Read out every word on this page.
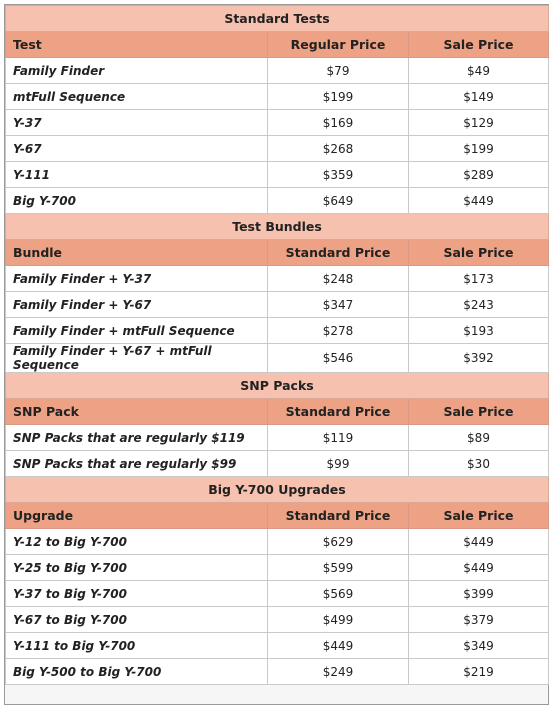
Standard Tests		
Test	Regular Price	Sale Price
Family Finder	$79	$49
mtFull Sequence	$199	$149
Y-37	$169	$129
Y-67	$268	$199
Y-111	$359	$289
Big Y-700	$649	$449
Test Bundles		
Bundle	Standard Price	Sale Price
Family Finder + Y-37	$248	$173
Family Finder + Y-67	$347	$243
Family Finder + mtFull Sequence	$278	$193
Family Finder + Y-67 + mtFull Sequence	$546	$392
SNP Packs		
SNP Pack	Standard Price	Sale Price
SNP Packs that are regularly $119	$119	$89
SNP Packs that are regularly $99	$99	$30
Big Y-700 Upgrades		
Upgrade	Standard Price	Sale Price
Y-12 to Big Y-700	$629	$449
Y-25 to Big Y-700	$599	$449
Y-37 to Big Y-700	$569	$399
Y-67 to Big Y-700	$499	$379
Y-111 to Big Y-700	$449	$349
Big Y-500 to Big Y-700	$249	$219
